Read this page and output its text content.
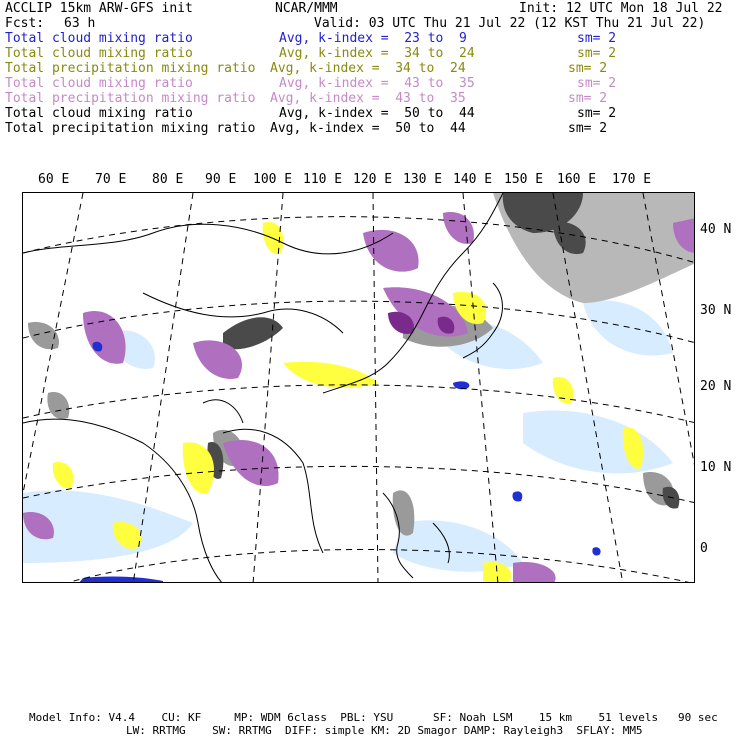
ACCLIP 15km ARW-GFS init	NCAR/MMM	Init: 12 UTC Mon 18 Jul 22
Fcst: 63 h	Valid: 03 UTC Thu 21 Jul 22 (12 KST Thu 21 Jul 22)
Total cloud mixing ratio	Avg, k-index =  23 to  9	sm= 2
Total cloud mixing ratio	Avg, k-index =  34 to  24	sm= 2
Total precipitation mixing ratio Avg, k-index =  34 to  24	sm= 2
Total cloud mixing ratio	Avg, k-index =  43 to  35	sm= 2
Total precipitation mixing ratio Avg, k-index =  43 to  35	sm= 2
Total cloud mixing ratio	Avg, k-index =  50 to  44	sm= 2
Total precipitation mixing ratio Avg, k-index =  50 to  44	sm= 2
60 E 70 E 80 E 90 E 100 E 110 E 120 E 130 E 140 E 150 E 160 E 170 E
40 N
30 N
20 N
10 N
0
Model Info: V4.4    CU: KF     MP: WDM 6class  PBL: YSU      SF: Noah LSM    15 km    51 levels   90 sec
LW: RRTMG    SW: RRTMG  DIFF: simple KM: 2D Smagor DAMP: Rayleigh3  SFLAY: MM5
